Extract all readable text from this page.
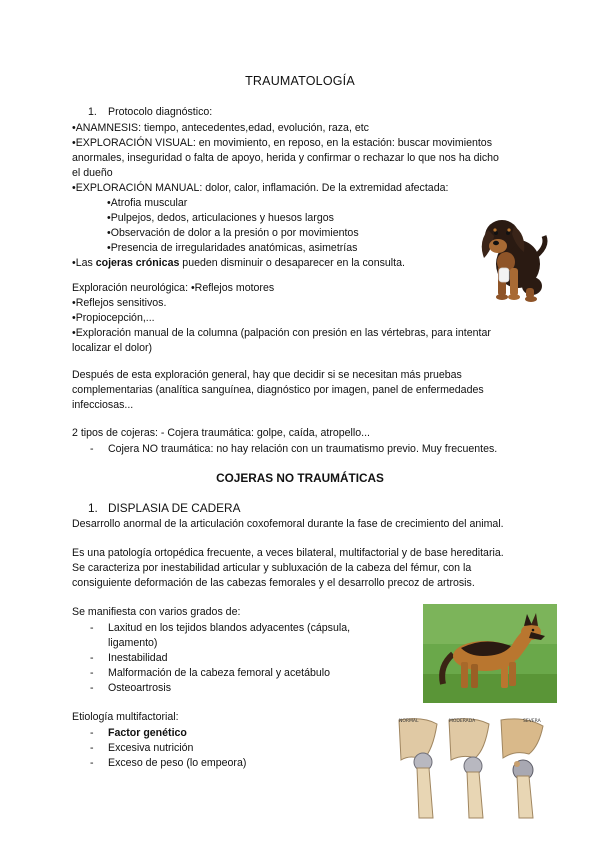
TRAUMATOLOGÍA
1. Protocolo diagnóstico:
•ANAMNESIS: tiempo, antecedentes,edad, evolución, raza, etc
•EXPLORACIÓN VISUAL: en movimiento, en reposo, en la estación: buscar movimientos
anormales, inseguridad o falta de apoyo, herida y confirmar o rechazar lo que nos ha dicho
el dueño
•EXPLORACIÓN MANUAL: dolor, calor, inflamación. De la extremidad afectada:
•Atrofia muscular
•Pulpejos, dedos, articulaciones y huesos largos
•Observación de dolor a la presión o por movimientos
•Presencia de irregularidades anatómicas, asimetrías
•Las cojeras crónicas pueden disminuir o desaparecer en la consulta.
Exploración neurológica: •Reflejos motores
•Reflejos sensitivos.
•Propiocepción,...
•Exploración manual de la columna (palpación con presión en las vértebras, para intentar
localizar el dolor)
Después de esta exploración general, hay que decidir si se necesitan más pruebas
complementarias (analítica sanguínea, diagnóstico por imagen, panel de enfermedades
infecciosas...
2 tipos de cojeras: - Cojera traumática: golpe, caída, atropello...
- Cojera NO traumática: no hay relación con un traumatismo previo. Muy frecuentes.
COJERAS NO TRAUMÁTICAS
1. DISPLASIA DE CADERA
Desarrollo anormal de la articulación coxofemoral durante la fase de crecimiento del animal.
Es una patología ortopédica frecuente, a veces bilateral, multifactorial y de base hereditaria.
Se caracteriza por inestabilidad articular y subluxación de la cabeza del fémur, con la
consiguiente deformación de las cabezas femorales y el desarrollo precoz de artrosis.
Se manifiesta con varios grados de:
- Laxitud en los tejidos blandos adyacentes (cápsula,
ligamento)
- Inestabilidad
- Malformación de la cabeza femoral y acetábulo
- Osteoartrosis
Etiología multifactorial:
- Factor genético
- Excesiva nutrición
- Exceso de peso (lo empeora)
NORMAL	MODERADA	SEVERA
